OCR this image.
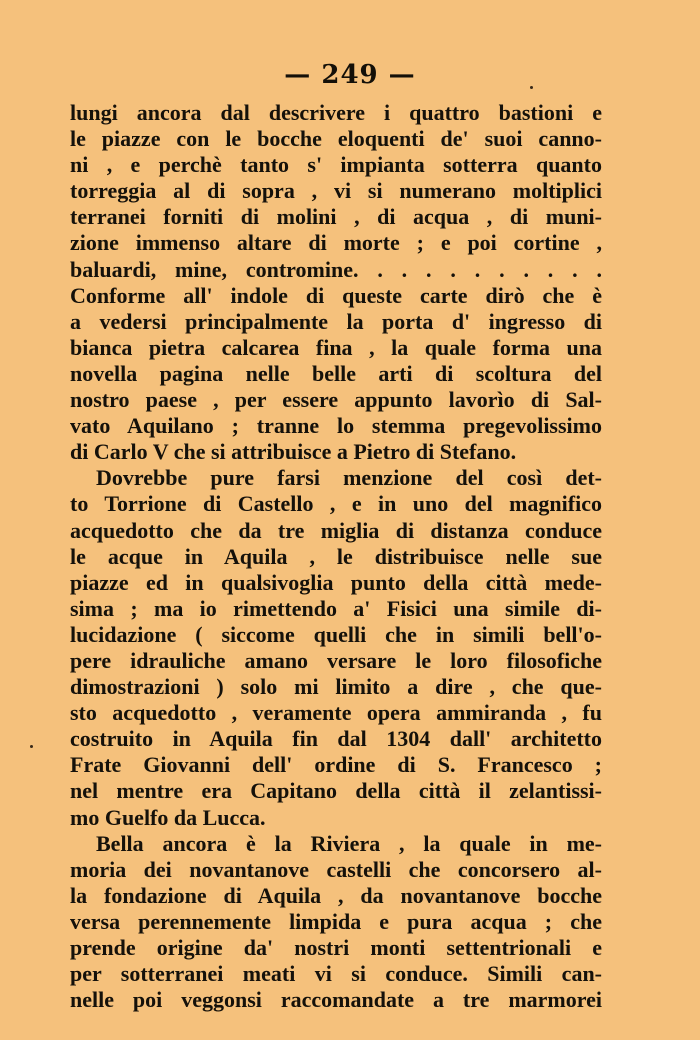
— 249 —
lungi ancora dal descrivere i quattro bastioni e
le piazze con le bocche eloquenti de' suoi canno-
ni , e perchè tanto s' impianta sotterra quanto
torreggia al di sopra , vi si numerano moltiplici
terranei forniti di molini , di acqua , di muni-
zione immenso altare di morte ; e poi cortine ,
baluardi, mine, contromine. . . . . . . . . . .
Conforme all' indole di queste carte dirò che è
a vedersi principalmente la porta d' ingresso di
bianca pietra calcarea fina , la quale forma una
novella pagina nelle belle arti di scoltura del
nostro paese , per essere appunto lavorìo di Sal-
vato Aquilano ; tranne lo stemma pregevolissimo
di Carlo V che si attribuisce a Pietro di Stefano.
Dovrebbe pure farsi menzione del così det-
to Torrione di Castello , e in uno del magnifico
acquedotto che da tre miglia di distanza conduce
le acque in Aquila , le distribuisce nelle sue
piazze ed in qualsivoglia punto della città mede-
sima ; ma io rimettendo a' Fisici una simile di-
lucidazione ( siccome quelli che in simili bell'o-
pere idrauliche amano versare le loro filosofiche
dimostrazioni ) solo mi limito a dire , che que-
sto acquedotto , veramente opera ammiranda , fu
costruito in Aquila fin dal 1304 dall' architetto
Frate Giovanni dell' ordine di S. Francesco ;
nel mentre era Capitano della città il zelantissi-
mo Guelfo da Lucca.
Bella ancora è la Riviera , la quale in me-
moria dei novantanove castelli che concorsero al-
la fondazione di Aquila , da novantanove bocche
versa perennemente limpida e pura acqua ; che
prende origine da' nostri monti settentrionali e
per sotterranei meati vi si conduce. Simili can-
nelle poi veggonsi raccomandate a tre marmorei
